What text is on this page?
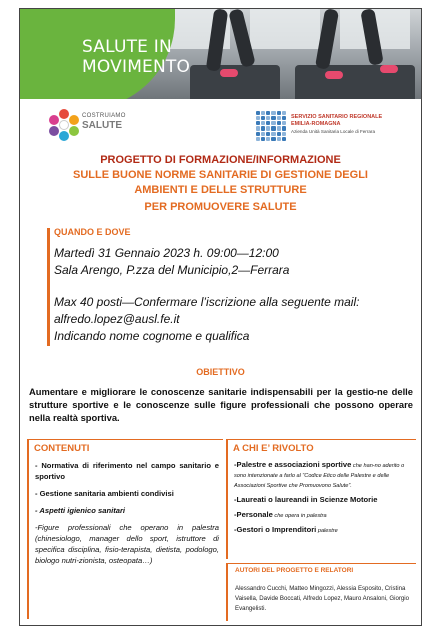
SALUTE IN
MOVIMENTO
COSTRUIAMO
SALUTE
SERVIZIO SANITARIO REGIONALE
EMILIA-ROMAGNA
Azienda Unità Sanitaria Locale di Ferrara
PROGETTO DI FORMAZIONE/INFORMAZIONE
SULLE BUONE NORME SANITARIE DI GESTIONE DEGLI
AMBIENTI E DELLE STRUTTURE
PER PROMUOVERE SALUTE
QUANDO E DOVE
Martedì 31 Gennaio 2023 h. 09:00—12:00
Sala Arengo, P.zza del Municipio,2—Ferrara
Max 40 posti—Confermare l’iscrizione alla seguente mail:
alfredo.lopez@ausl.fe.it
Indicando nome cognome e qualifica
OBIETTIVO
Aumentare e migliorare le conoscenze sanitarie indispensabili per la gestio-ne delle strutture sportive e le conoscenze sulle figure professionali che possono operare nella realtà sportiva.
CONTENUTI
- Normativa di riferimento nel campo sanitario e sportivo
- Gestione sanitaria ambienti condivisi
- Aspetti igienico sanitari
-Figure professionali che operano in palestra (chinesiologo, manager dello sport, istruttore di specifica disciplina, fisio-terapista, dietista, podologo, biologo nutri-zionista, osteopata…)
A CHI E’ RIVOLTO
-Palestre e associazioni sportive che han-no aderito o sono intenzionate a farlo al “Codice Etico delle Palestre e delle Associazioni Sportive che Promuovono Salute”.
-Laureati o laureandi in Scienze Motorie
-Personale che opera in palestra
-Gestori o Imprenditori palestre
AUTORI DEL PROGETTO E RELATORI
Alessandro Cucchi, Matteo Mingozzi, Alessia Esposito, Cristina Vaisella, Davide Boccati, Alfredo Lopez, Mauro Ansaloni, Giorgio Evangelisti.
